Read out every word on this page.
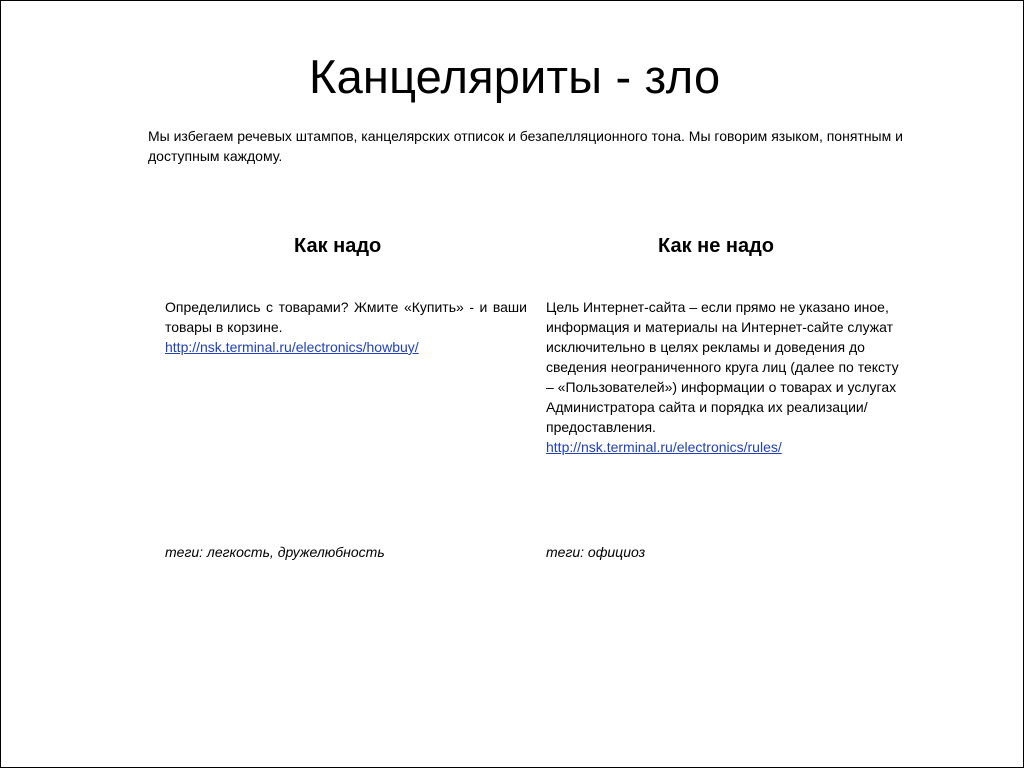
Канцеляриты - зло
Мы избегаем речевых штампов, канцелярских отписок и безапелляционного тона. Мы говорим языком, понятным и доступным каждому.
Как надо	Как не надо
Определились с товарами? Жмите «Купить» - и ваши товары в корзине.
http://nsk.terminal.ru/electronics/howbuy/
Цель Интернет-сайта – если прямо не указано иное, информация и материалы на Интернет-сайте служат исключительно в целях рекламы и доведения до сведения неограниченного круга лиц (далее по тексту – «Пользователей») информации о товарах и услугах Администратора сайта и порядка их реализации/предоставления.
http://nsk.terminal.ru/electronics/rules/
теги: легкость, дружелюбность	теги: официоз
